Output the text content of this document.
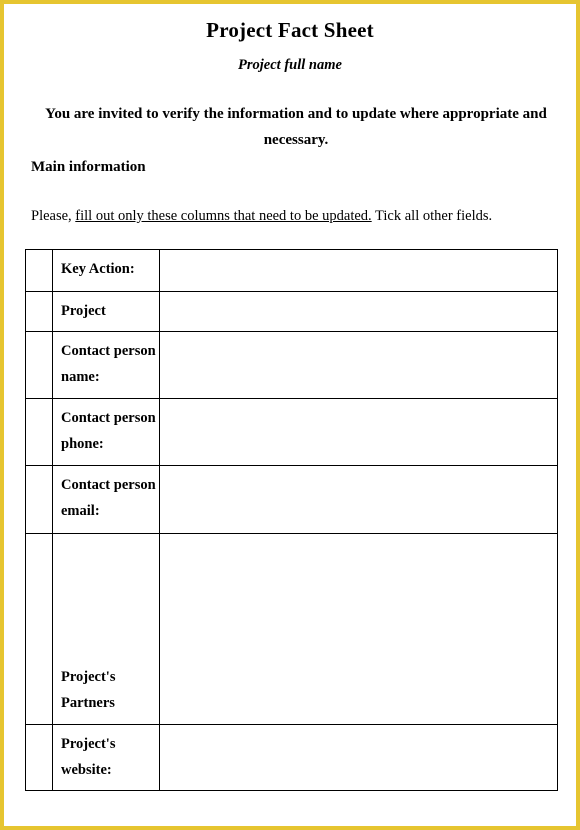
Project Fact Sheet
Project full name
You are invited to verify the information and to update where appropriate and necessary.
Main information
Please, fill out only these columns that need to be updated. Tick all other fields.
	Key Action:	
	Project	
	Contact person name:	
	Contact person phone:	
	Contact person email:	
	Project's Partners	
	Project's website:	
